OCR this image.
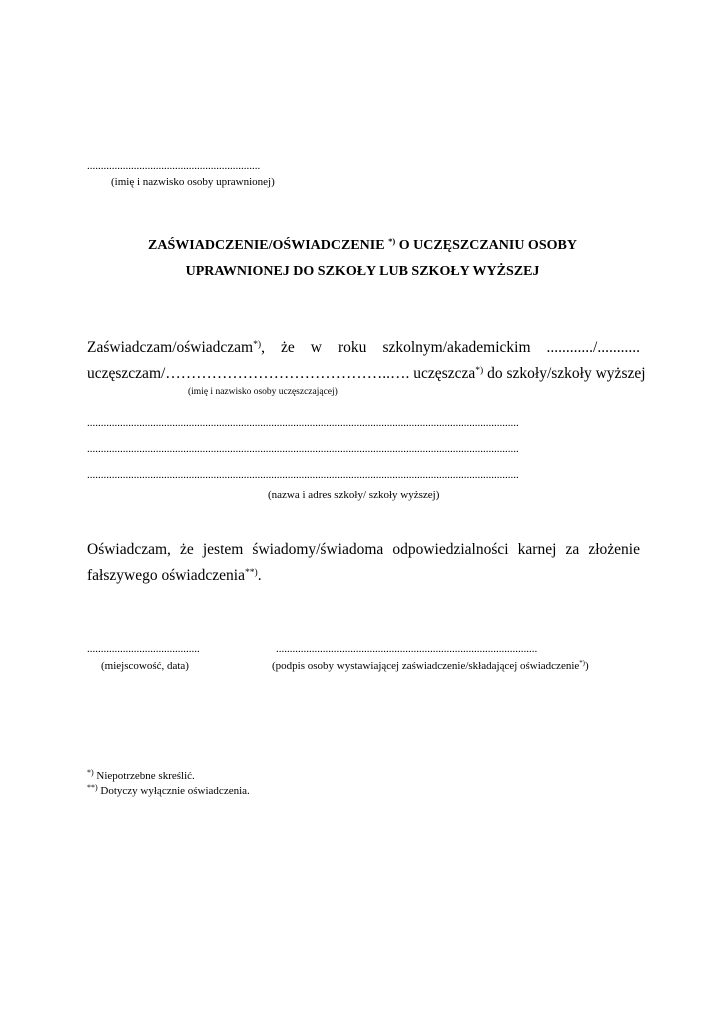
...............................................................
(imię i nazwisko osoby uprawnionej)
ZAŚWIADCZENIE/OŚWIADCZENIE *) O UCZĘSZCZANIU OSOBY
UPRAWNIONEJ DO SZKOŁY LUB SZKOŁY WYŻSZEJ
Zaświadczam/oświadczam*), że w roku szkolnym/akademickim ............/...........
uczęszczam/……………………………………..…. uczęszcza*) do szkoły/szkoły wyższej
(imię i nazwisko osoby uczęszczającej)
.............................................................................................................................................................
.............................................................................................................................................................
.............................................................................................................................................................
(nazwa i adres szkoły/ szkoły wyższej)
Oświadczam, że jestem świadomy/świadoma odpowiedzialności karnej za złożenie
fałszywego oświadczenia**).
.........................................	...............................................................................................
(miejscowość, data)	(podpis osoby wystawiającej zaświadczenie/składającej oświadczenie*))
*) Niepotrzebne skreślić.
**) Dotyczy wyłącznie oświadczenia.
